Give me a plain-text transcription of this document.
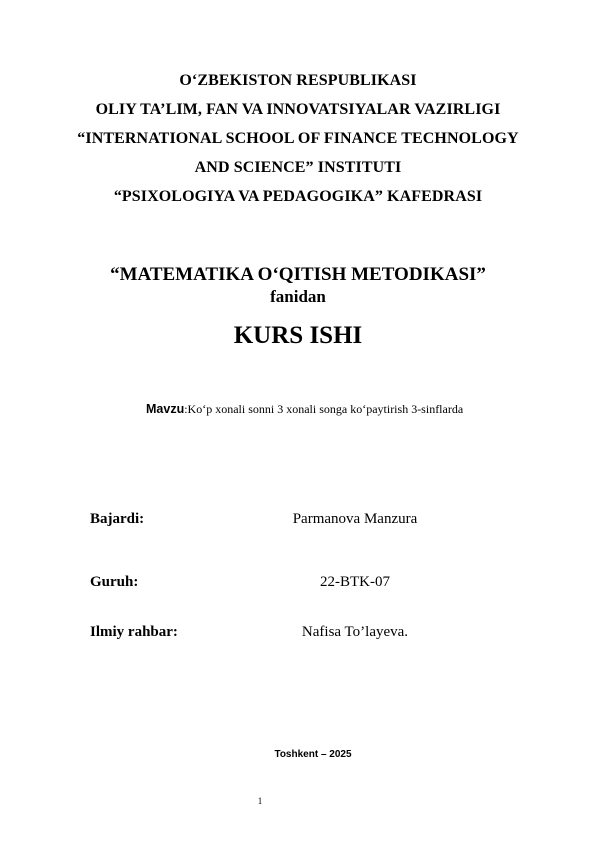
O‘ZBEKISTON RESPUBLIKASI
OLIY TA’LIM, FAN VA INNOVATSIYALAR VAZIRLIGI
“INTERNATIONAL SCHOOL OF FINANCE TECHNOLOGY
AND SCIENCE” INSTITUTI
“PSIXOLOGIYA VA PEDAGOGIKA” KAFEDRASI
“MATEMATIKA O‘QITISH METODIKASI”
fanidan
KURS ISHI
Mavzu:Ko‘p xonali sonni 3 xonali songa ko‘paytirish 3-sinflarda
Bajardi:	Parmanova Manzura
Guruh:	22-BTK-07
Ilmiy rahbar:	Nafisa To’layeva.
Toshkent – 2025
1
